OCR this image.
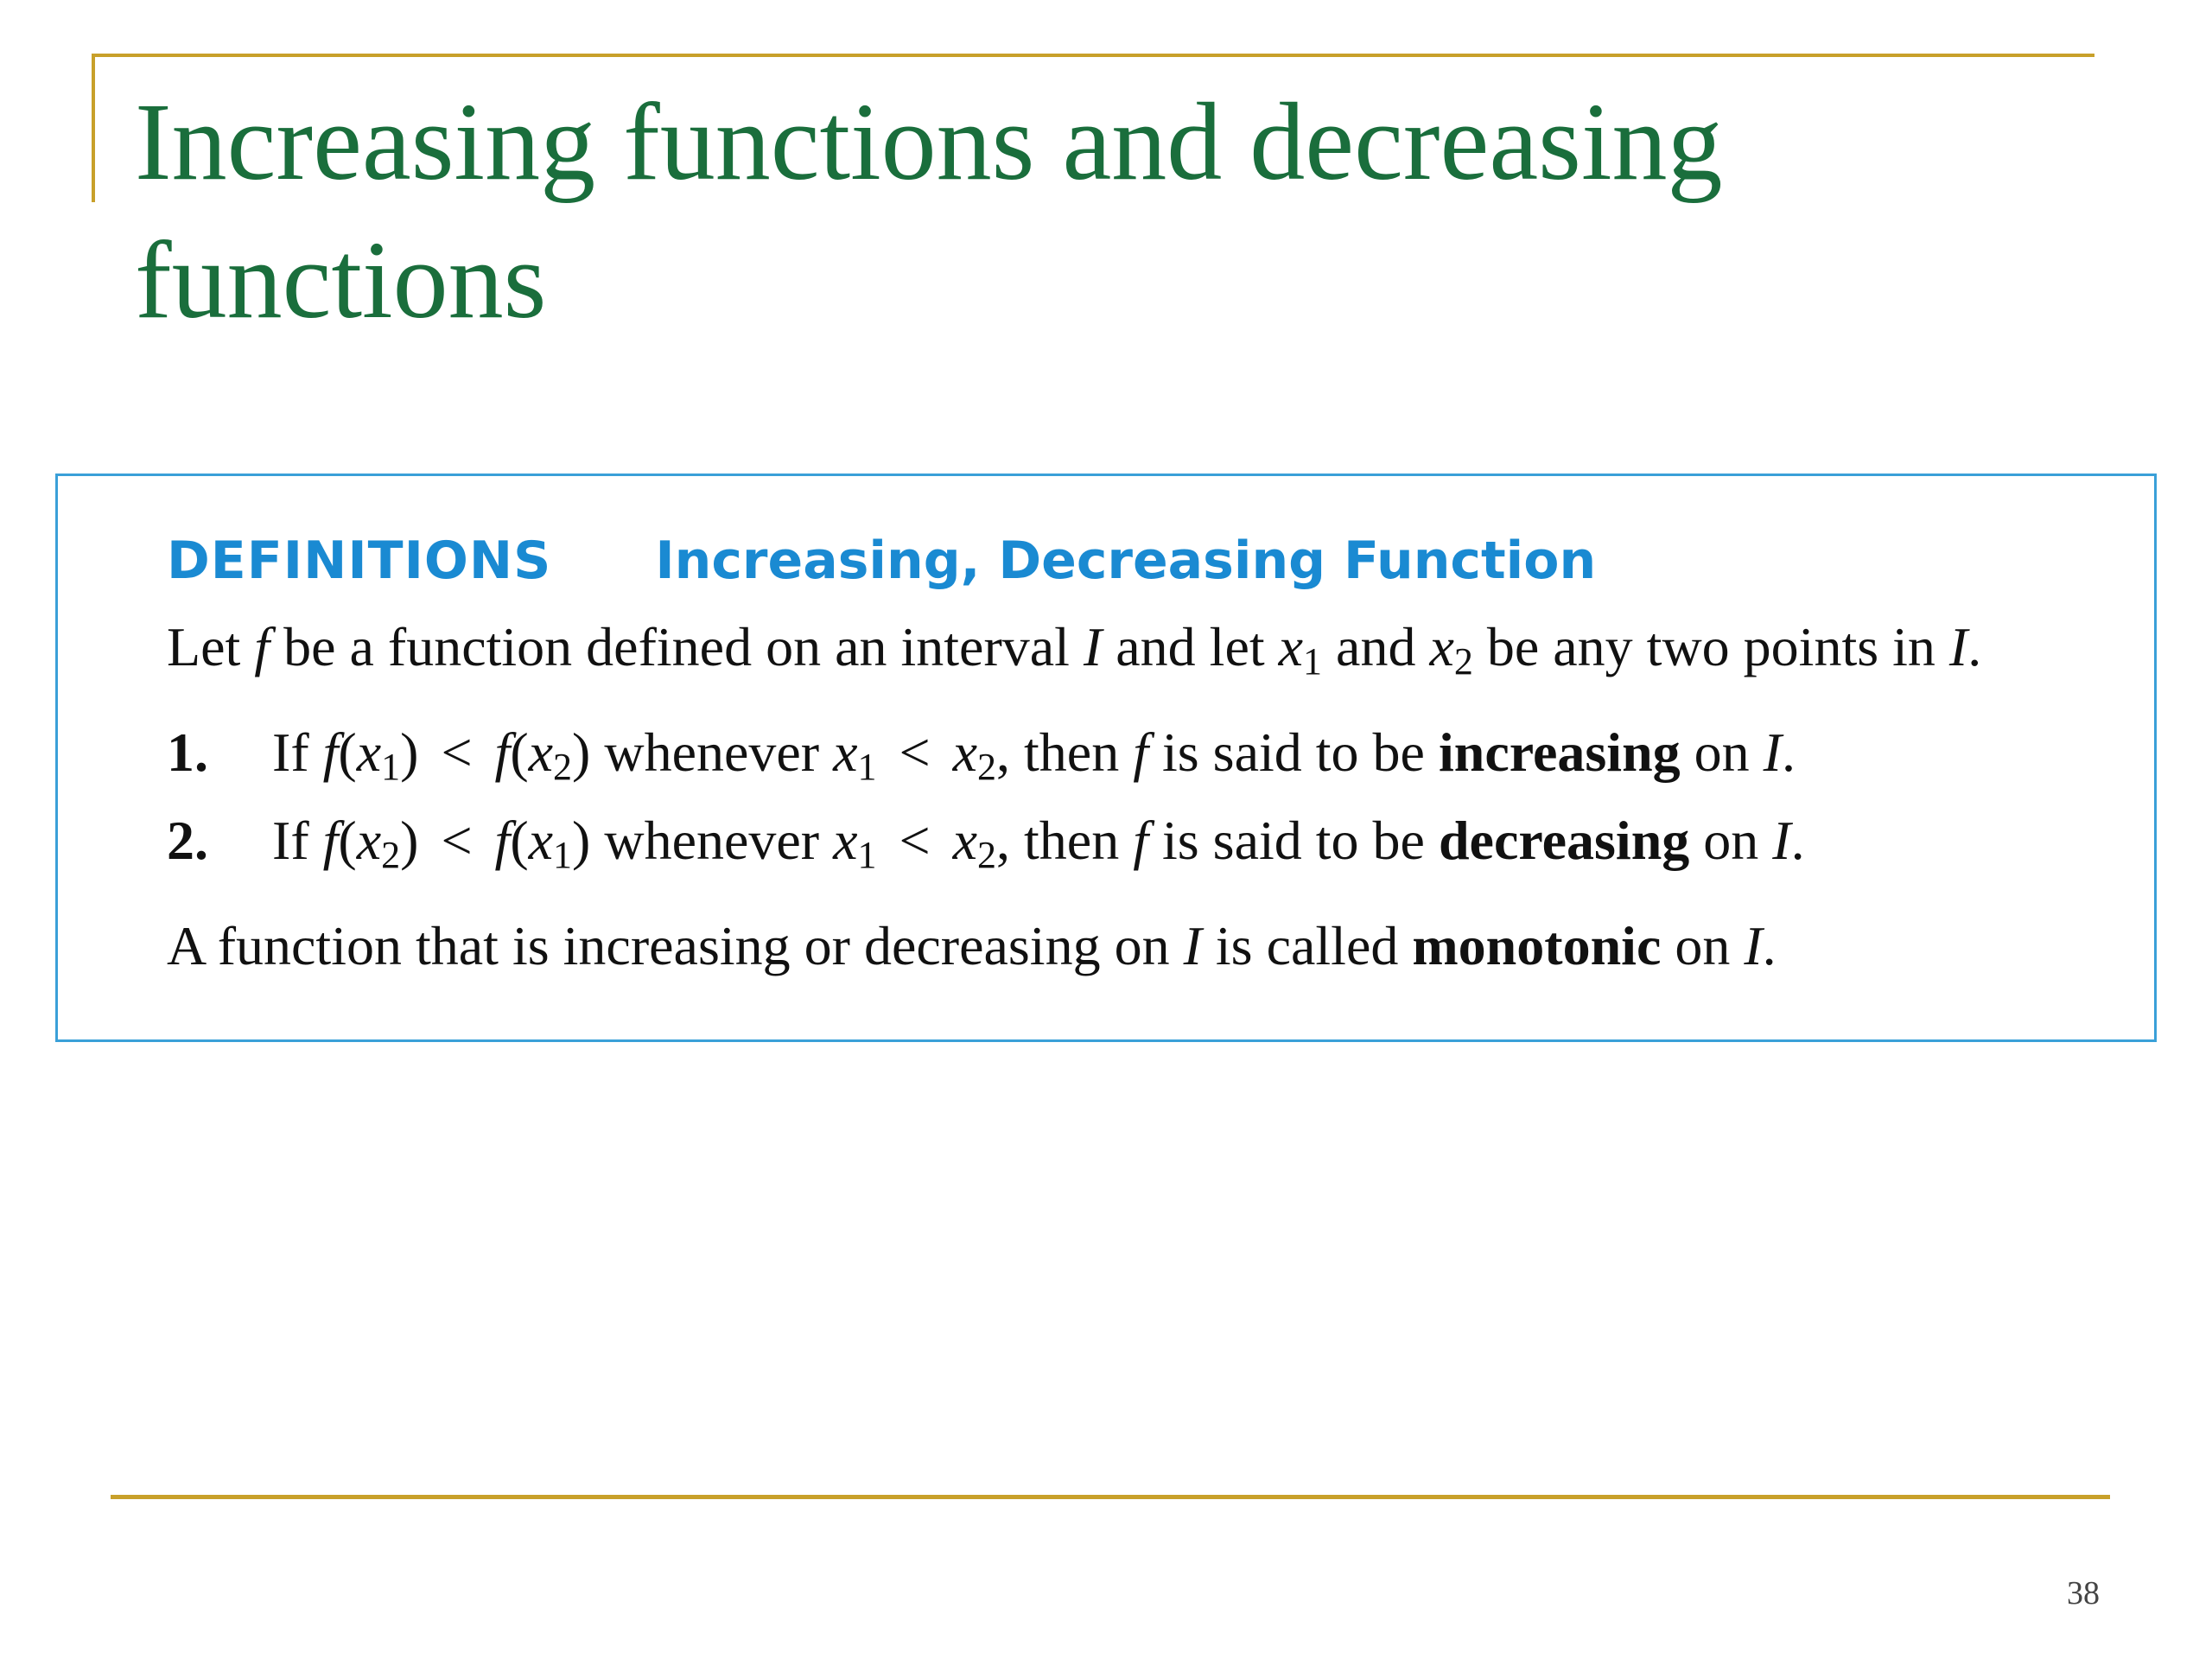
Increasing functions and decreasing functions
DEFINITIONS Increasing, Decreasing Function
Let f be a function defined on an interval I and let $x_1$ and $x_2$ be any two points in I.
1. If $f(x_1) < f(x_2)$ whenever $x_1 < x_2$, then f is said to be increasing on I.
2. If $f(x_2) < f(x_1)$ whenever $x_1 < x_2$, then f is said to be decreasing on I.
A function that is increasing or decreasing on I is called monotonic on I.
38
